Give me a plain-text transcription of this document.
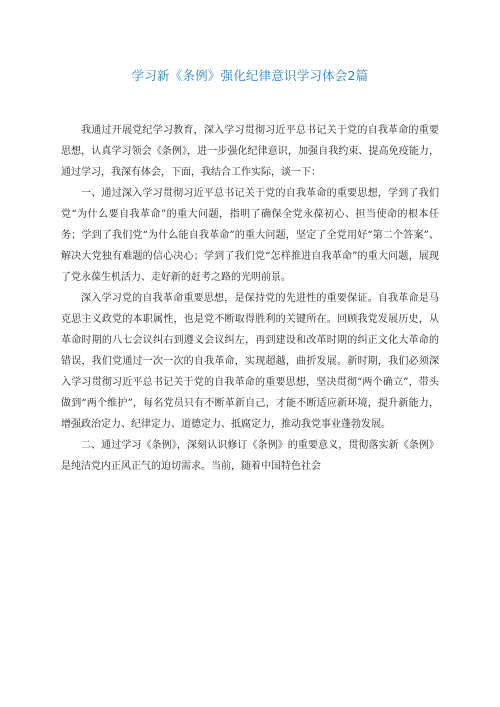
学习新《条例》强化纪律意识学习体会2篇

我通过开展党纪学习教育，深入学习贯彻习近平总书记关于党的自我革命的重要思想，认真学习领会《条例》，进一步强化纪律意识，加强自我约束、提高免疫能力，通过学习，我深有体会，下面，我结合工作实际，谈一下：

一、通过深入学习贯彻习近平总书记关于党的自我革命的重要思想，学到了我们党“为什么要自我革命”的重大问题，指明了确保全党永葆初心、担当使命的根本任务；学到了我们党“为什么能自我革命”的重大问题，坚定了全党用好“第二个答案”、解决大党独有难题的信心决心；学到了我们党“怎样推进自我革命”的重大问题，展现了党永葆生机活力、走好新的赶考之路的光明前景。

深入学习党的自我革命重要思想，是保持党的先进性的重要保证。自我革命是马克思主义政党的本职属性，也是党不断取得胜利的关键所在。回顾我党发展历史，从革命时期的八七会议纠右到遵义会议纠左，再到建设和改革时期的纠正文化大革命的错误，我们党通过一次一次的自我革命，实现超越，曲折发展。新时期，我们必须深入学习贯彻习近平总书记关于党的自我革命的重要思想，坚决贯彻“两个确立”，带头做到“两个维护”，每名党员只有不断革新自己，才能不断适应新环境，提升新能力，增强政治定力、纪律定力、道德定力、抵腐定力，推动我党事业蓬勃发展。

二、通过学习《条例》，深刻认识修订《条例》的重要意义，贯彻落实新《条例》是纯洁党内正风正气的迫切需求。当前，随着中国特色社会
